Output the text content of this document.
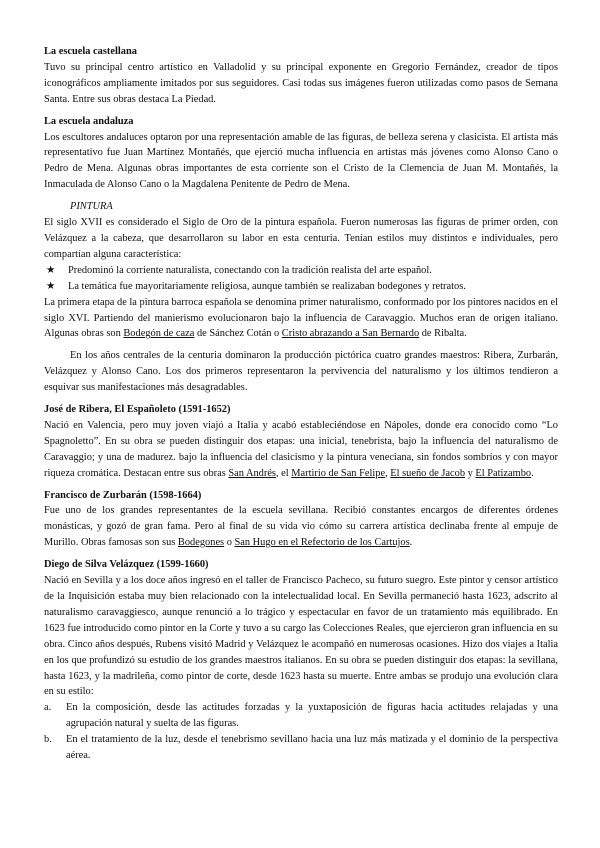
La escuela castellana

Tuvo su principal centro artístico en Valladolid y su principal exponente en Gregorio Fernández, creador de tipos iconográficos ampliamente imitados por sus seguidores. Casi todas sus imágenes fueron utilizadas como pasos de Semana Santa. Entre sus obras destaca La Piedad.

La escuela andaluza

Los escultores andaluces optaron por una representación amable de las figuras, de belleza serena y clasicista. El artista más representativo fue Juan Martínez Montañés, que ejerció mucha influencia en artistas más jóvenes como Alonso Cano o Pedro de Mena. Algunas obras importantes de esta corriente son el Cristo de la Clemencia de Juan M. Montañés, la Inmaculada de Alonso Cano o la Magdalena Penitente de Pedro de Mena.

PINTURA

El siglo XVII es considerado el Siglo de Oro de la pintura española. Fueron numerosas las figuras de primer orden, con Velázquez a la cabeza, que desarrollaron su labor en esta centuria. Tenían estilos muy distintos e individuales, pero compartían alguna característica:

★ Predominó la corriente naturalista, conectando con la tradición realista del arte español.
★ La temática fue mayoritariamente religiosa, aunque también se realizaban bodegones y retratos.

La primera etapa de la pintura barroca española se denomina primer naturalismo, conformado por los pintores nacidos en el siglo XVI. Partiendo del manierismo evolucionaron bajo la influencia de Caravaggio. Muchos eran de origen italiano. Algunas obras son Bodegón de caza de Sánchez Cotán o Cristo abrazando a San Bernardo de Ribalta.

En los años centrales de la centuria dominaron la producción pictórica cuatro grandes maestros: Ribera, Zurbarán, Velázquez y Alonso Cano. Los dos primeros representaron la pervivencia del naturalismo y los últimos tendieron a esquivar sus manifestaciones más desagradables.

José de Ribera, El Españoleto (1591-1652)

Nació en Valencia, pero muy joven viajó a Italia y acabó estableciéndose en Nápoles, donde era conocido como “Lo Spagnoletto”. En su obra se pueden distinguir dos etapas: una inicial, tenebrista, bajo la influencia del naturalismo de Caravaggio; y una de madurez. bajo la influencia del clasicismo y la pintura veneciana, sin fondos sombríos y con mayor riqueza cromática. Destacan entre sus obras San Andrés, el Martirio de San Felipe, El sueño de Jacob y El Patizambo.

Francisco de Zurbarán (1598-1664)

Fue uno de los grandes representantes de la escuela sevillana. Recibió constantes encargos de diferentes órdenes monásticas, y gozó de gran fama. Pero al final de su vida vio cómo su carrera artística declinaba frente al empuje de Murillo. Obras famosas son sus Bodegones o San Hugo en el Refectorio de los Cartujos.

Diego de Silva Velázquez (1599-1660)

Nació en Sevilla y a los doce años ingresó en el taller de Francisco Pacheco, su futuro suegro. Este pintor y censor artístico de la Inquisición estaba muy bien relacionado con la intelectualidad local. En Sevilla permaneció hasta 1623, adscrito al naturalismo caravaggiesco, aunque renunció a lo trágico y espectacular en favor de un tratamiento más equilibrado. En 1623 fue introducido como pintor en la Corte y tuvo a su cargo las Colecciones Reales, que ejercieron gran influencia en su obra. Cinco años después, Rubens visitó Madrid y Velázquez le acompañó en numerosas ocasiones. Hizo dos viajes a Italia en los que profundizó su estudio de los grandes maestros italianos. En su obra se pueden distinguir dos etapas: la sevillana, hasta 1623, y la madrileña, como pintor de corte, desde 1623 hasta su muerte. Entre ambas se produjo una evolución clara en su estilo:

a. En la composición, desde las actitudes forzadas y la yuxtaposición de figuras hacia actitudes relajadas y una agrupación natural y suelta de las figuras.
b. En el tratamiento de la luz, desde el tenebrismo sevillano hacia una luz más matizada y el dominio de la perspectiva aérea.
